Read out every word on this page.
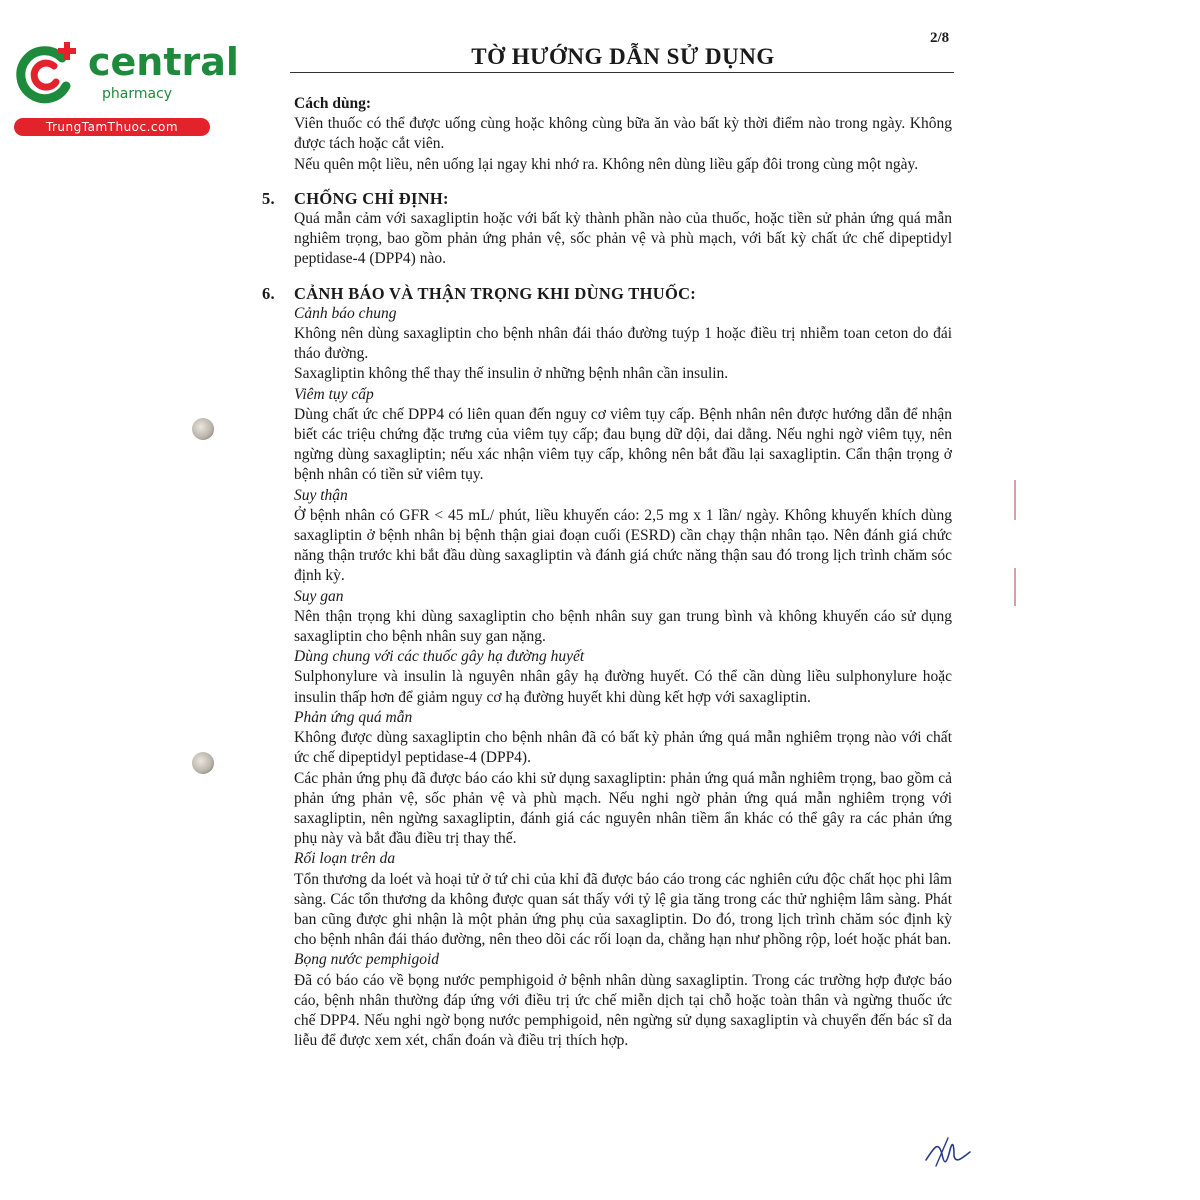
central
pharmacy
TrungTamThuoc.com
2/8
TỜ HƯỚNG DẪN SỬ DỤNG
Cách dùng:

Viên thuốc có thể được uống cùng hoặc không cùng bữa ăn vào bất kỳ thời điểm nào trong ngày. Không được tách hoặc cắt viên.

Nếu quên một liều, nên uống lại ngay khi nhớ ra. Không nên dùng liều gấp đôi trong cùng một ngày.

5.	CHỐNG CHỈ ĐỊNH:

Quá mẫn cảm với saxagliptin hoặc với bất kỳ thành phần nào của thuốc, hoặc tiền sử phản ứng quá mẫn nghiêm trọng, bao gồm phản ứng phản vệ, sốc phản vệ và phù mạch, với bất kỳ chất ức chế dipeptidyl peptidase-4 (DPP4) nào.

6.	CẢNH BÁO VÀ THẬN TRỌNG KHI DÙNG THUỐC:
Cảnh báo chung

Không nên dùng saxagliptin cho bệnh nhân đái tháo đường tuýp 1 hoặc điều trị nhiễm toan ceton do đái tháo đường.

Saxagliptin không thể thay thế insulin ở những bệnh nhân cần insulin.

Viêm tụy cấp

Dùng chất ức chế DPP4 có liên quan đến nguy cơ viêm tụy cấp. Bệnh nhân nên được hướng dẫn để nhận biết các triệu chứng đặc trưng của viêm tụy cấp; đau bụng dữ dội, dai dẳng. Nếu nghi ngờ viêm tụy, nên ngừng dùng saxagliptin; nếu xác nhận viêm tụy cấp, không nên bắt đầu lại saxagliptin. Cẩn thận trọng ở bệnh nhân có tiền sử viêm tụy.

Suy thận

Ở bệnh nhân có GFR < 45 mL/ phút, liều khuyến cáo: 2,5 mg x 1 lần/ ngày. Không khuyến khích dùng saxagliptin ở bệnh nhân bị bệnh thận giai đoạn cuối (ESRD) cần chạy thận nhân tạo. Nên đánh giá chức năng thận trước khi bắt đầu dùng saxagliptin và đánh giá chức năng thận sau đó trong lịch trình chăm sóc định kỳ.

Suy gan

Nên thận trọng khi dùng saxagliptin cho bệnh nhân suy gan trung bình và không khuyến cáo sử dụng saxagliptin cho bệnh nhân suy gan nặng.

Dùng chung với các thuốc gây hạ đường huyết

Sulphonylure và insulin là nguyên nhân gây hạ đường huyết. Có thể cần dùng liều sulphonylure hoặc insulin thấp hơn để giảm nguy cơ hạ đường huyết khi dùng kết hợp với saxagliptin.

Phản ứng quá mẫn

Không được dùng saxagliptin cho bệnh nhân đã có bất kỳ phản ứng quá mẫn nghiêm trọng nào với chất ức chế dipeptidyl peptidase-4 (DPP4).

Các phản ứng phụ đã được báo cáo khi sử dụng saxagliptin: phản ứng quá mẫn nghiêm trọng, bao gồm cả phản ứng phản vệ, sốc phản vệ và phù mạch. Nếu nghi ngờ phản ứng quá mẫn nghiêm trọng với saxagliptin, nên ngừng saxagliptin, đánh giá các nguyên nhân tiềm ẩn khác có thể gây ra các phản ứng phụ này và bắt đầu điều trị thay thế.

Rối loạn trên da

Tổn thương da loét và hoại tử ở tứ chi của khỉ đã được báo cáo trong các nghiên cứu độc chất học phi lâm sàng. Các tổn thương da không được quan sát thấy với tỷ lệ gia tăng trong các thử nghiệm lâm sàng. Phát ban cũng được ghi nhận là một phản ứng phụ của saxagliptin. Do đó, trong lịch trình chăm sóc định kỳ cho bệnh nhân đái tháo đường, nên theo dõi các rối loạn da, chẳng hạn như phồng rộp, loét hoặc phát ban.

Bọng nước pemphigoid

Đã có báo cáo về bọng nước pemphigoid ở bệnh nhân dùng saxagliptin. Trong các trường hợp được báo cáo, bệnh nhân thường đáp ứng với điều trị ức chế miễn dịch tại chỗ hoặc toàn thân và ngừng thuốc ức chế DPP4. Nếu nghi ngờ bọng nước pemphigoid, nên ngừng sử dụng saxagliptin và chuyển đến bác sĩ da liễu để được xem xét, chẩn đoán và điều trị thích hợp.
